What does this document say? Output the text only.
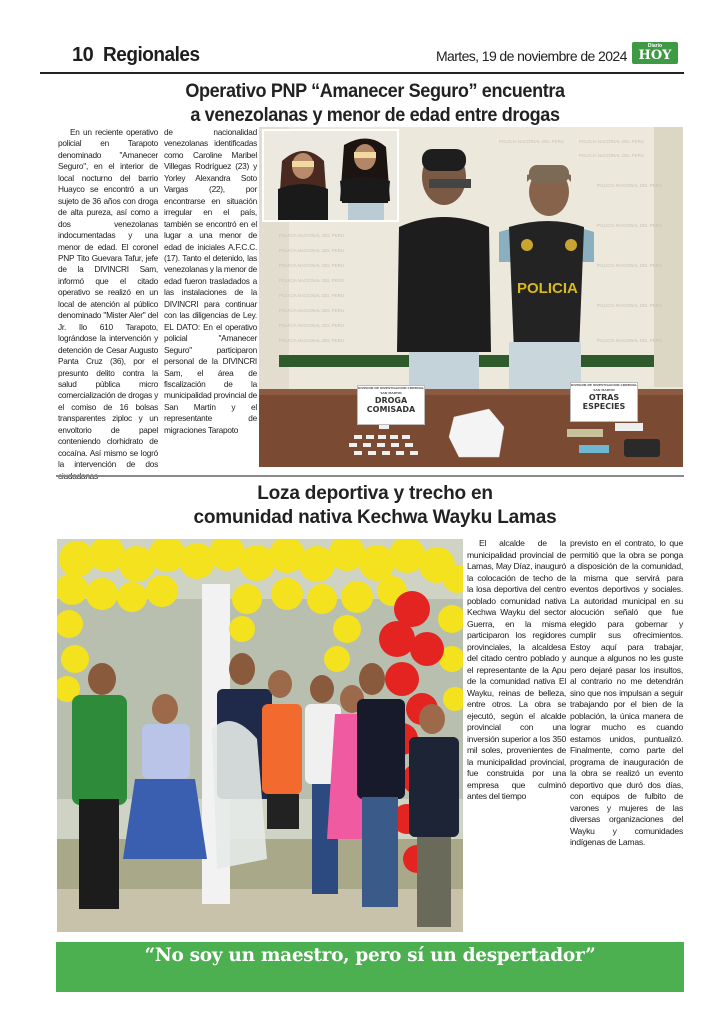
10 Regionales	Martes, 19 de noviembre de 2024
Diario
HOY
Operativo PNP “Amanecer Seguro” encuentra
a venezolanas y menor de edad entre drogas

En un reciente operativo policial en Tarapoto denominado "Amanecer Seguro", en el interior de local nocturno del barrio Huayco se encontró a un sujeto de 36 años con droga de alta pureza, así como a dos venezolanas indocumentadas y una menor de edad. El coronel PNP Tito Guevara Tafur, jefe de la DIVINCRI Sam, informó que el citado operativo se realizó en un local de atención al público denominado "Mister Aler" del Jr. Ilo 610 Tarapoto, lográndose la intervención y detención de Cesar Augusto Panta Cruz (36), por el presunto delito contra la salud pública micro comercialización de drogas y el comiso de 16 bolsas transparentes ziploc y un envoltorio de papel conteniendo clorhidrato de cocaína. Así mismo se logró la intervención de dos

de nacionalidad venezolanas identificadas como Caroline Maribel Villegas Rodríguez (23) y Yorley Alexandra Soto Vargas (22), por encontrarse en situación irregular en el país, también se encontró en el lugar a una menor de edad de iniciales A.F.C.C. (17). Tanto el detenido, las venezolanas y la menor de edad fueron trasladados a las instalaciones de la DIVINCRI para continuar con las diligencias de Ley. EL DATO: En el operativo policial "Amanecer Seguro" participaron personal de la DIVINCRI Sam, el área de fiscalización de la municipalidad provincial de San Martín y el representante de migraciones Tarapoto

POLICIA NACIONAL DEL PERU
POLICIA NACIONAL DEL PERU
POLICIA NACIONAL DEL PERU
POLICIA NACIONAL DEL PERU
POLICIA NACIONAL DEL PERU
POLICIA NACIONAL DEL PERU
POLICIA NACIONAL DEL PERU
POLICIA NACIONAL DEL PERU
POLICIA NACIONAL DEL PERU	POLICIA NACIONAL DEL PERU
POLICIA NACIONAL DEL PERU
POLICIA NACIONAL DEL PERU
POLICIA NACIONAL DEL PERU
POLICIA NACIONAL DEL PERU
POLICIA NACIONAL DEL PERU
POLICIA NACIONAL DEL PERU
POLICIA
DIVISION DE INVESTIGACION CRIMINAL SAN MARTIN
DROGA
COMISADA
DIVISION DE INVESTIGACION CRIMINAL SAN MARTIN
OTRAS
ESPECIES
Loza deportiva y trecho en
comunidad nativa Kechwa Wayku Lamas

El alcalde de la municipalidad provincial de Lamas, May Díaz, inauguró la colocación de techo de la losa deportiva del centro poblado comunidad nativa Kechwa Wayku del sector Guerra, en la misma participaron los regidores provinciales, la alcaldesa del citado centro poblado y el representante de la Apu de la comunidad nativa El Wayku, reinas de belleza, entre otros. La obra se ejecutó, según el alcalde provincial con una inversión superior a los 350 mil soles, provenientes de la municipalidad provincial, fue construida por una empresa que culminó antes del tiempo

previsto en el contrato, lo que permitió que la obra se ponga a disposición de la comunidad, la misma que servirá para eventos deportivos y sociales. La autoridad municipal en su alocución señaló que fue elegido para gobernar y cumplir sus ofrecimientos. Estoy aquí para trabajar, aunque a algunos no les guste pero dejaré pasar los insultos, al contrario no me detendrán sino que nos impulsan a seguir trabajando por el bien de la población, la única manera de lograr mucho es cuando estamos unidos, puntualizó. Finalmente, como parte del programa de inauguración de la obra se realizó un evento deportivo que duró dos días, con equipos de fulbito de varones y mujeres de las diversas organizaciones del Wayku y comunidades indígenas de Lamas.

“No soy un maestro, pero sí un despertador”
